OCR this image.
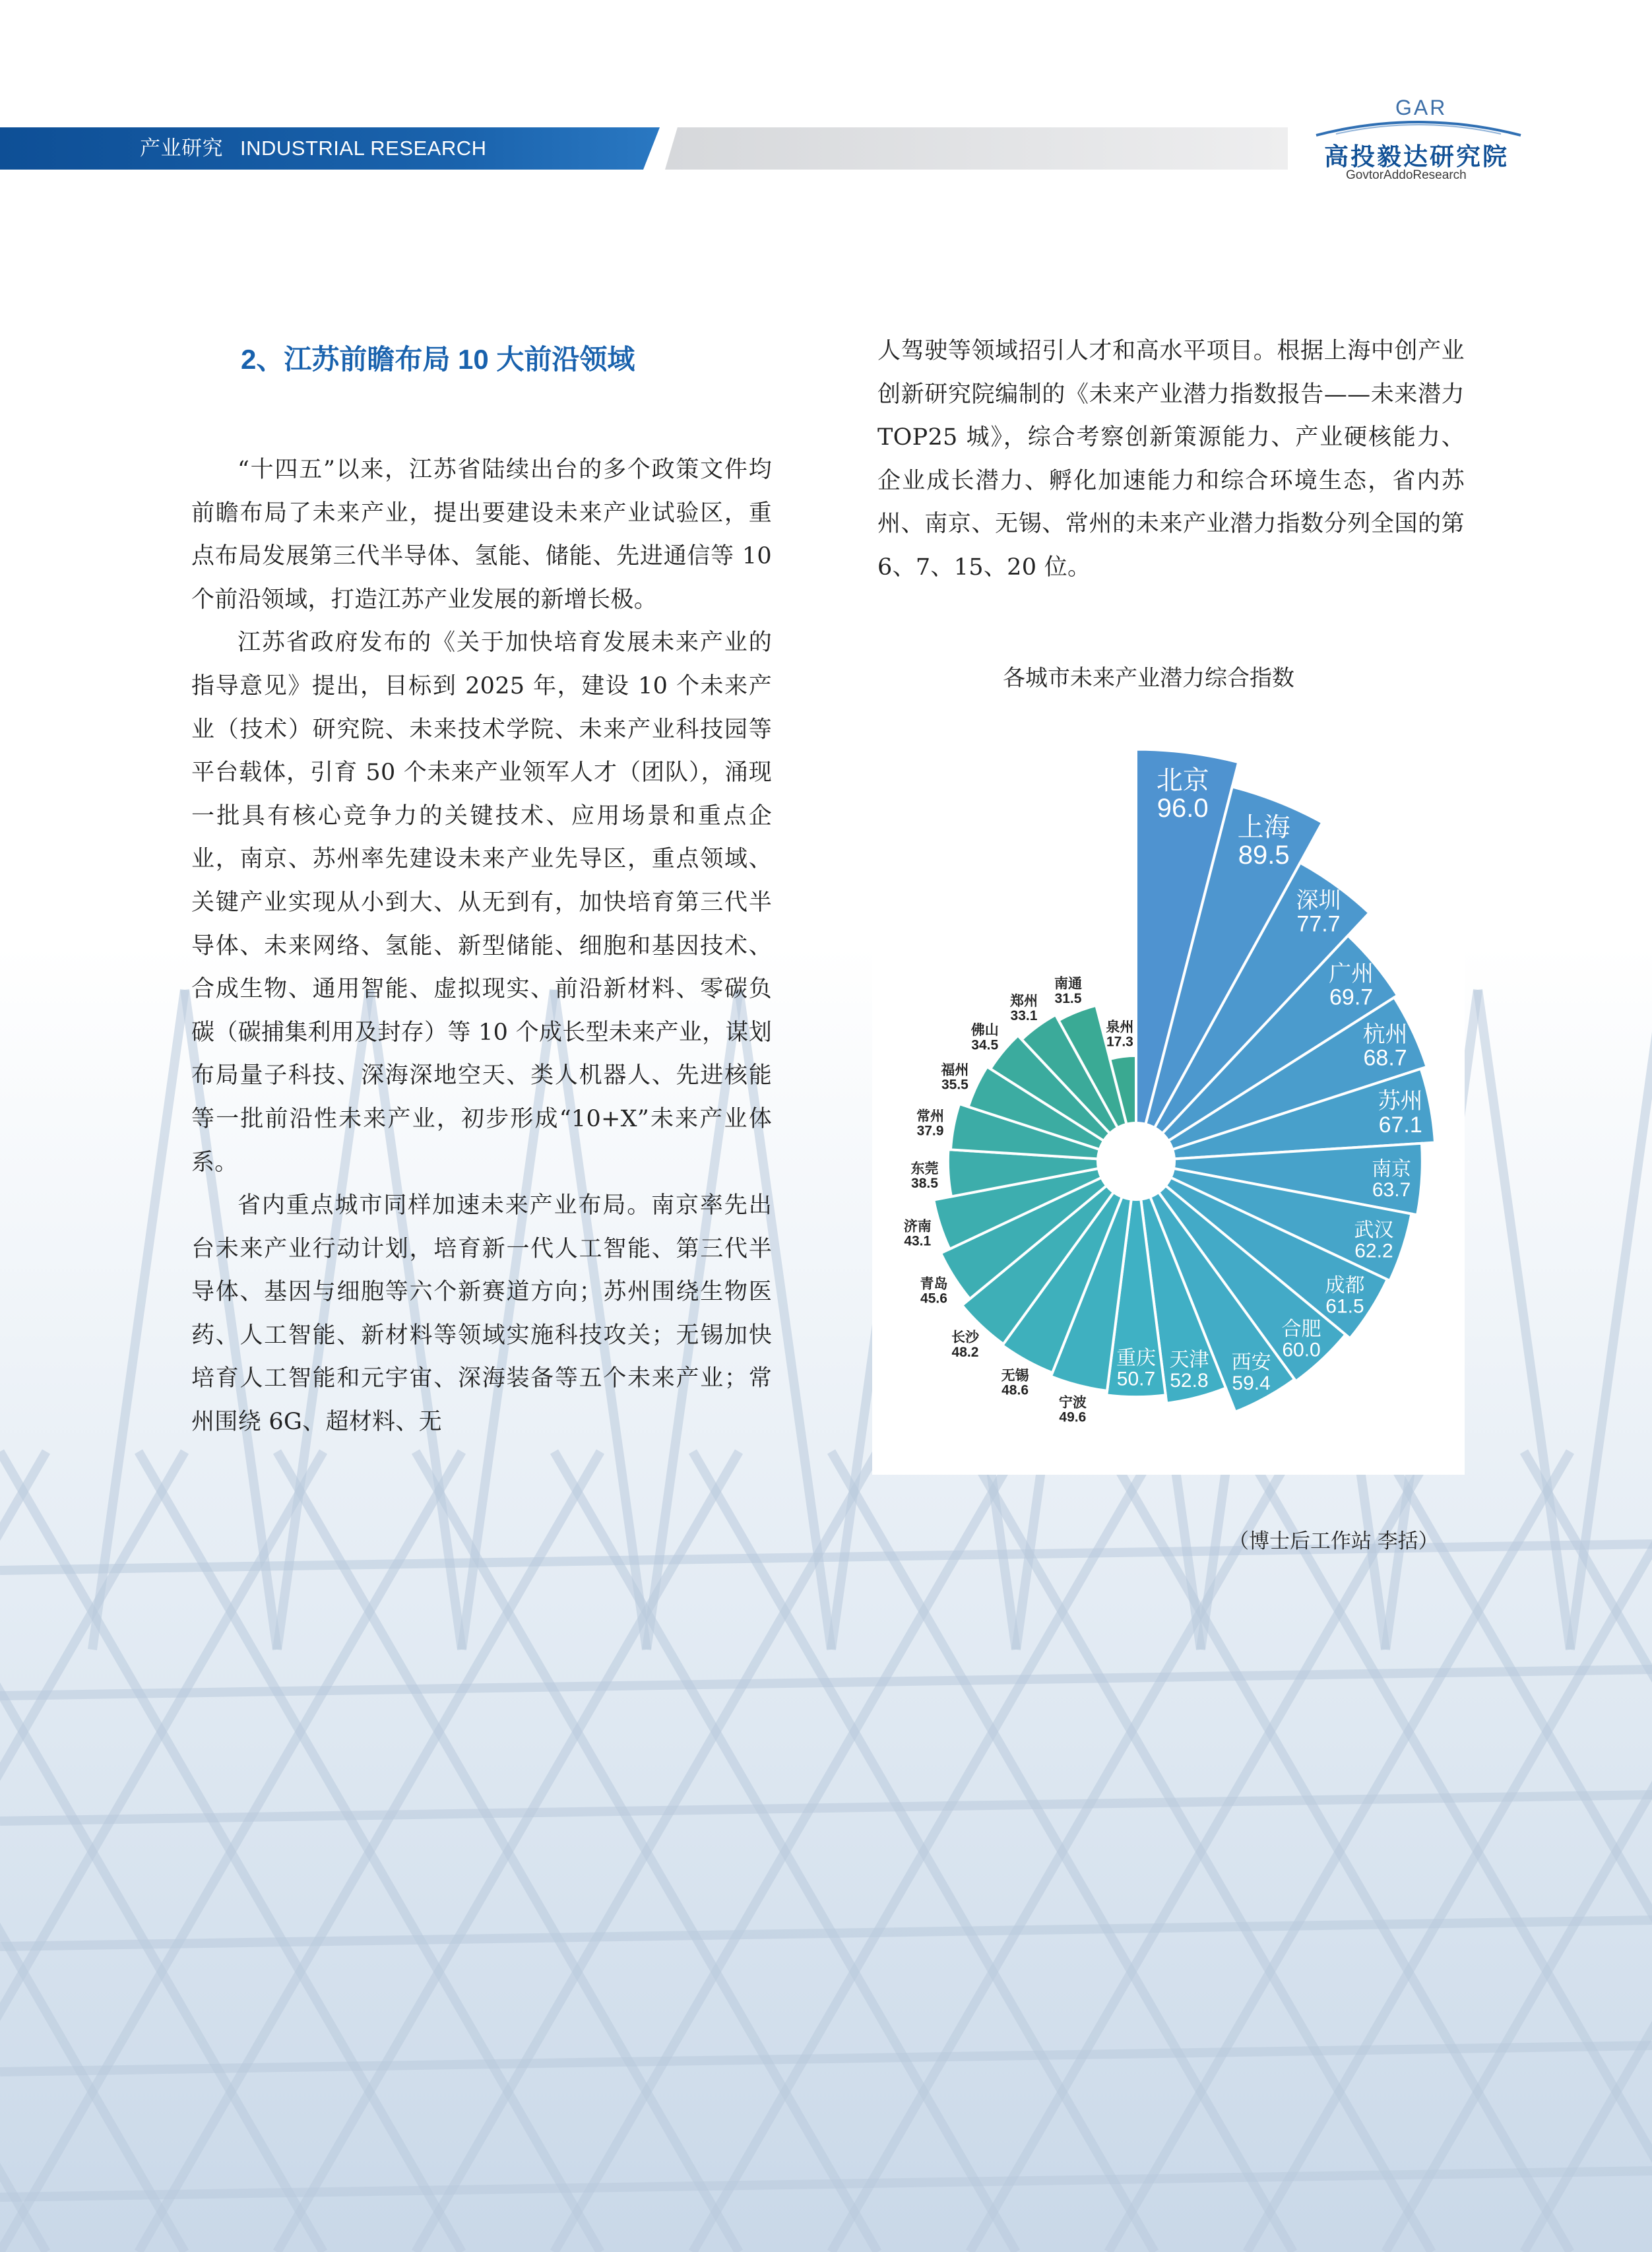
产业研究 INDUSTRIAL RESEARCH
GAR
高投毅达研究院
GovtorAddoResearch
2、江苏前瞻布局 10 大前沿领域

“十四五”以来，江苏省陆续出台的多个政策文件均前瞻布局了未来产业，提出要建设未来产业试验区，重点布局发展第三代半导体、氢能、储能、先进通信等 10 个前沿领域，打造江苏产业发展的新增长极。

江苏省政府发布的《关于加快培育发展未来产业的指导意见》提出，目标到 2025 年，建设 10 个未来产业（技术）研究院、未来技术学院、未来产业科技园等平台载体，引育 50 个未来产业领军人才（团队），涌现一批具有核心竞争力的关键技术、应用场景和重点企业，南京、苏州率先建设未来产业先导区，重点领域、关键产业实现从小到大、从无到有，加快培育第三代半导体、未来网络、氢能、新型储能、细胞和基因技术、合成生物、通用智能、虚拟现实、前沿新材料、零碳负碳（碳捕集利用及封存）等 10 个成长型未来产业，谋划布局量子科技、深海深地空天、类人机器人、先进核能等一批前沿性未来产业，初步形成“10+X”未来产业体系。

省内重点城市同样加速未来产业布局。南京率先出台未来产业行动计划，培育新一代人工智能、第三代半导体、基因与细胞等六个新赛道方向；苏州围绕生物医药、人工智能、新材料等领域实施科技攻关；无锡加快培育人工智能和元宇宙、深海装备等五个未来产业；常州围绕 6G、超材料、无

人驾驶等领域招引人才和高水平项目。根据上海中创产业创新研究院编制的《未来产业潜力指数报告——未来潜力 TOP25 城》，综合考察创新策源能力、产业硬核能力、企业成长潜力、孵化加速能力和综合环境生态，省内苏州、南京、无锡、常州的未来产业潜力指数分列全国的第 6、7、15、20 位。

各城市未来产业潜力综合指数
北京
96.0
上海
89.5
深圳
77.7
广州
69.7
杭州
68.7
苏州
67.1
南京
63.7
武汉
62.2
成都
61.5
合肥
60.0
西安
59.4
天津
52.8
重庆
50.7
宁波
49.6
无锡
48.6
长沙
48.2
青岛
45.6
济南
43.1
东莞
38.5
常州
37.9
福州
35.5
佛山
34.5
郑州
33.1
南通
31.5
泉州
17.3
（博士后工作站 李括）
